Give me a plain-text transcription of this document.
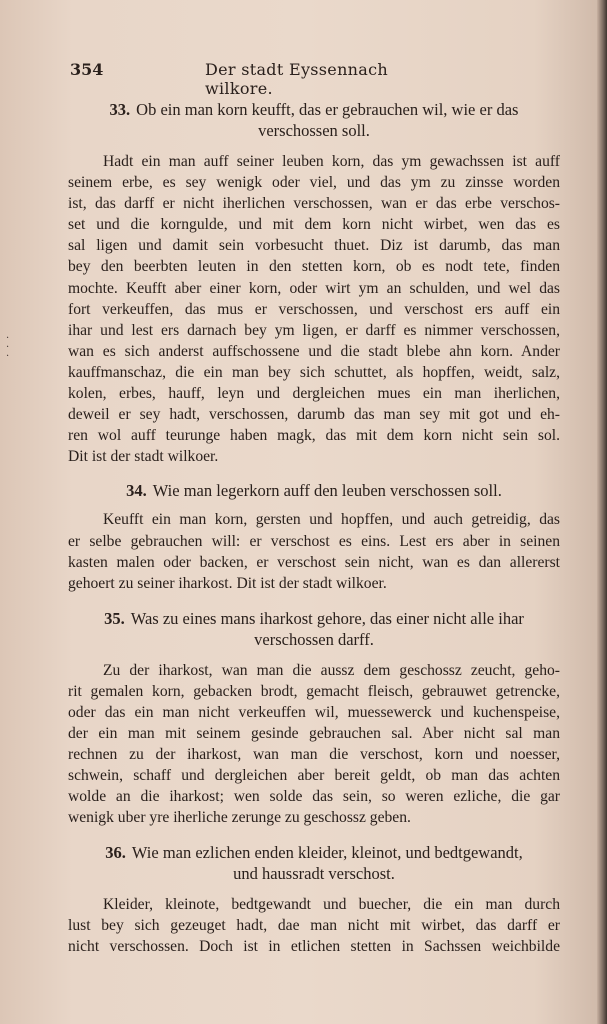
·
·
·

354	Der stadt Eyssennach wilkore.
33. Ob ein man korn keufft, das er gebrauchen wil, wie er das
verschossen soll.
Hadt ein man auff seiner leuben korn, das ym gewachssen ist auff
seinem erbe, es sey wenigk oder viel, und das ym zu zinsse worden
ist, das darff er nicht iherlichen verschossen, wan er das erbe verschos-
set und die korngulde, und mit dem korn nicht wirbet, wen das es
sal ligen und damit sein vorbesucht thuet. Diz ist darumb, das man
bey den beerbten leuten in den stetten korn, ob es nodt tete, finden
mochte. Keufft aber einer korn, oder wirt ym an schulden, und wel das
fort verkeuffen, das mus er verschossen, und verschost ers auff ein
ihar und lest ers darnach bey ym ligen, er darff es nimmer verschossen,
wan es sich anderst auffschossene und die stadt blebe ahn korn. Ander
kauffmanschaz, die ein man bey sich schuttet, als hopffen, weidt, salz,
kolen, erbes, hauff, leyn und dergleichen mues ein man iherlichen,
deweil er sey hadt, verschossen, darumb das man sey mit got und eh-
ren wol auff teurunge haben magk, das mit dem korn nicht sein sol.
Dit ist der stadt wilkoer.
34. Wie man legerkorn auff den leuben verschossen soll.
Keufft ein man korn, gersten und hopffen, und auch getreidig, das
er selbe gebrauchen will: er verschost es eins. Lest ers aber in seinen
kasten malen oder backen, er verschost sein nicht, wan es dan allererst
gehoert zu seiner iharkost. Dit ist der stadt wilkoer.
35. Was zu eines mans iharkost gehore, das einer nicht alle ihar
verschossen darff.
Zu der iharkost, wan man die aussz dem geschossz zeucht, geho-
rit gemalen korn, gebacken brodt, gemacht fleisch, gebrauwet getrencke,
oder das ein man nicht verkeuffen wil, muessewerck und kuchenspeise,
der ein man mit seinem gesinde gebrauchen sal. Aber nicht sal man
rechnen zu der iharkost, wan man die verschost, korn und noesser,
schwein, schaff und dergleichen aber bereit geldt, ob man das achten
wolde an die iharkost; wen solde das sein, so weren ezliche, die gar
wenigk uber yre iherliche zerunge zu geschossz geben.
36. Wie man ezlichen enden kleider, kleinot, und bedtgewandt,
und haussradt verschost.
Kleider, kleinote, bedtgewandt und buecher, die ein man durch
lust bey sich gezeuget hadt, dae man nicht mit wirbet, das darff er
nicht verschossen. Doch ist in etlichen stetten in Sachssen weichbilde
